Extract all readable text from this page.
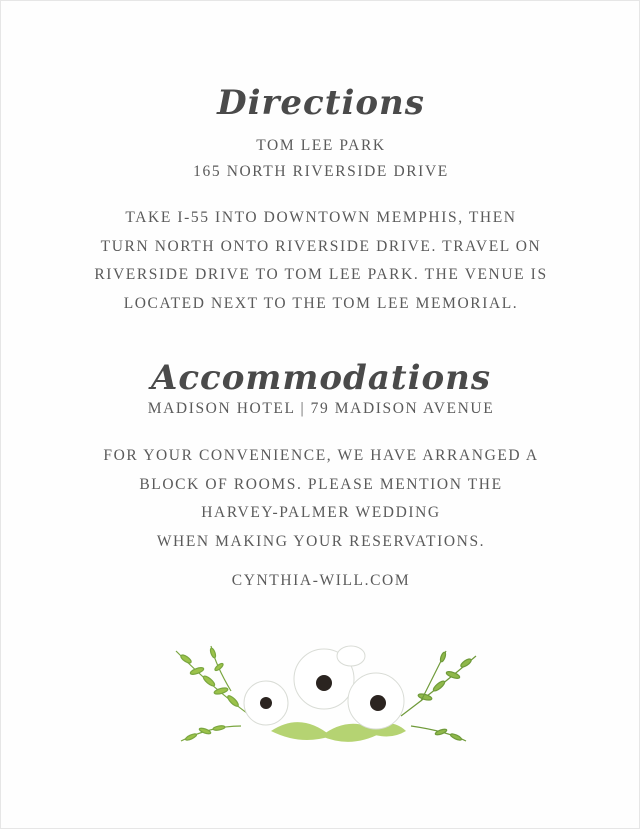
Directions

TOM LEE PARK
165 NORTH RIVERSIDE DRIVE

TAKE I-55 INTO DOWNTOWN MEMPHIS, THEN
TURN NORTH ONTO RIVERSIDE DRIVE. TRAVEL ON
RIVERSIDE DRIVE TO TOM LEE PARK. THE VENUE IS
LOCATED NEXT TO THE TOM LEE MEMORIAL.

Accommodations

MADISON HOTEL | 79 MADISON AVENUE

FOR YOUR CONVENIENCE, WE HAVE ARRANGED A
BLOCK OF ROOMS. PLEASE MENTION THE
HARVEY-PALMER WEDDING
WHEN MAKING YOUR RESERVATIONS.

CYNTHIA-WILL.COM
